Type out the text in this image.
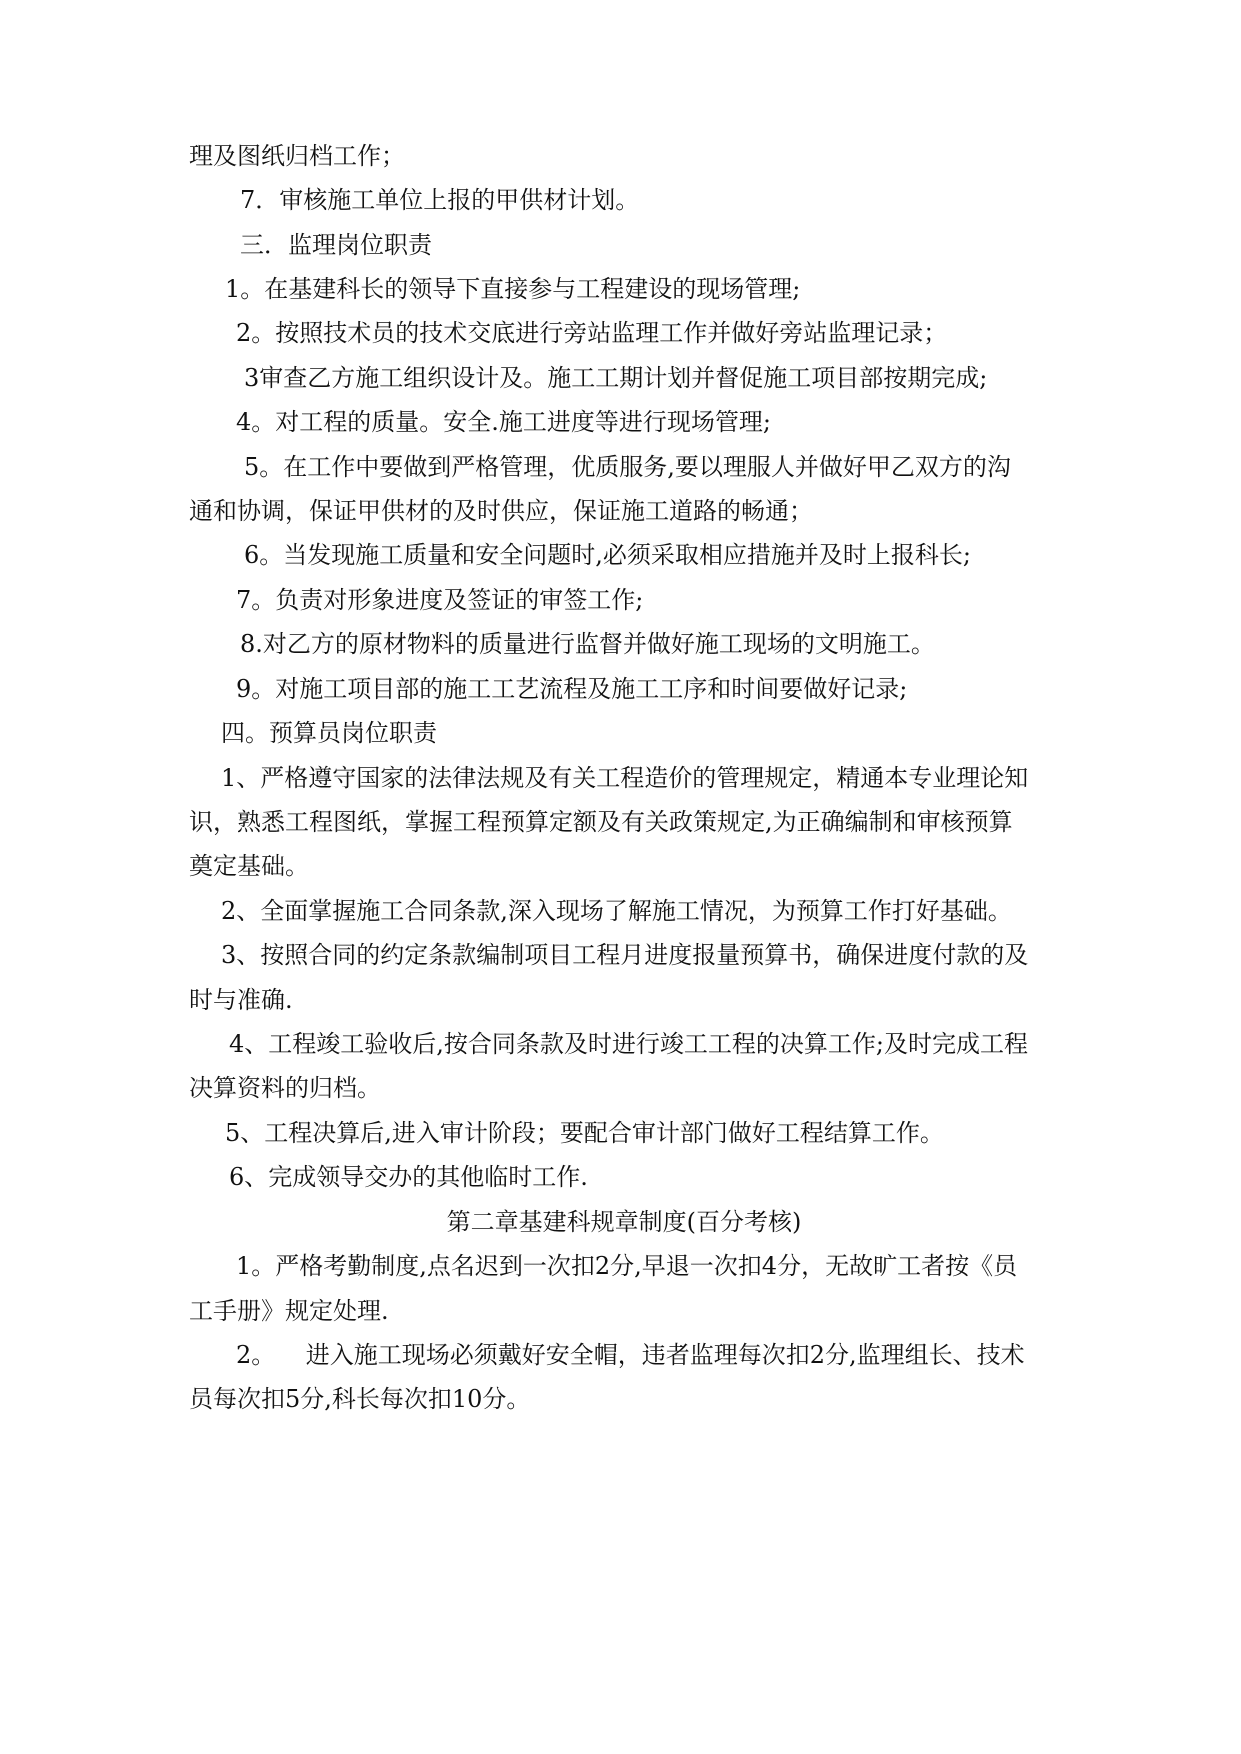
理及图纸归档工作；
7．审核施工单位上报的甲供材计划。
三．监理岗位职责
1。在基建科长的领导下直接参与工程建设的现场管理;
2。按照技术员的技术交底进行旁站监理工作并做好旁站监理记录；
3审查乙方施工组织设计及。施工工期计划并督促施工项目部按期完成;
4。对工程的质量。安全.施工进度等进行现场管理;
5。在工作中要做到严格管理，优质服务,要以理服人并做好甲乙双方的沟
通和协调，保证甲供材的及时供应，保证施工道路的畅通；
6。当发现施工质量和安全问题时,必须采取相应措施并及时上报科长;
7。负责对形象进度及签证的审签工作;
8.对乙方的原材物料的质量进行监督并做好施工现场的文明施工。
9。对施工项目部的施工工艺流程及施工工序和时间要做好记录;
四。预算员岗位职责
1、严格遵守国家的法律法规及有关工程造价的管理规定，精通本专业理论知
识，熟悉工程图纸，掌握工程预算定额及有关政策规定,为正确编制和审核预算
奠定基础。
2、全面掌握施工合同条款,深入现场了解施工情况，为预算工作打好基础。
3、按照合同的约定条款编制项目工程月进度报量预算书，确保进度付款的及
时与准确.
4、工程竣工验收后,按合同条款及时进行竣工工程的决算工作;及时完成工程
决算资料的归档。
5、工程决算后,进入审计阶段；要配合审计部门做好工程结算工作。
6、完成领导交办的其他临时工作.
第二章基建科规章制度(百分考核)
1。严格考勤制度,点名迟到一次扣2分,早退一次扣4分，无故旷工者按《员
工手册》规定处理.
2。    进入施工现场必须戴好安全帽，违者监理每次扣2分,监理组长、技术
员每次扣5分,科长每次扣10分。
